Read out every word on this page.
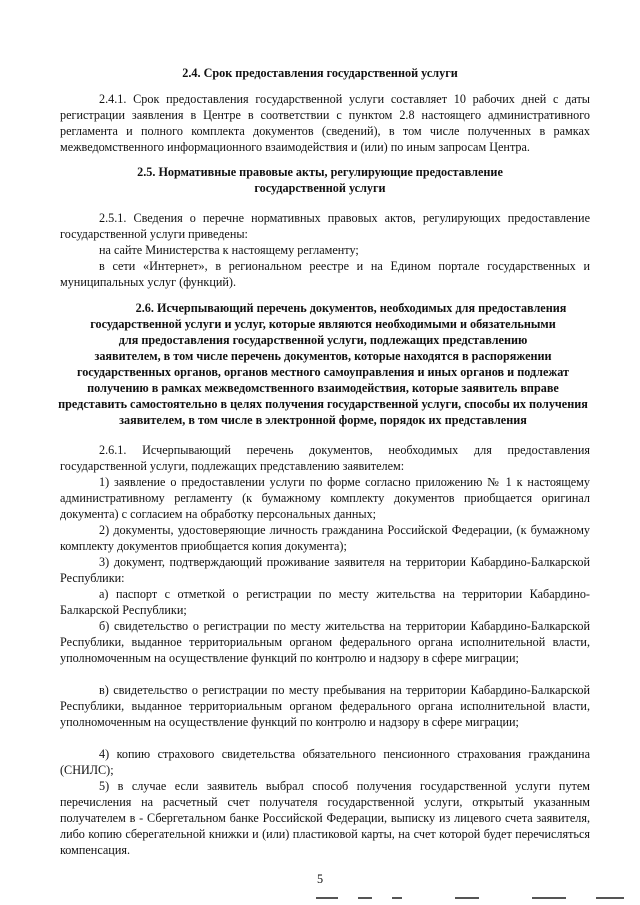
2.4. Срок предоставления государственной услуги

2.4.1. Срок предоставления государственной услуги составляет 10 рабочих дней с даты регистрации заявления в Центре в соответствии с пунктом 2.8 настоящего административного регламента и полного комплекта документов (сведений), в том числе полученных в рамках межведомственного информационного взаимодействия и (или) по иным запросам Центра.

2.5. Нормативные правовые акты, регулирующие предоставление
государственной услуги

2.5.1. Сведения о перечне нормативных правовых актов, регулирующих предоставление государственной услуги приведены:

на сайте Министерства к настоящему регламенту;

в сети «Интернет», в региональном реестре и на Едином портале государственных и муниципальных услуг (функций).

2.6. Исчерпывающий перечень документов, необходимых для предоставления
государственной услуги и услуг, которые являются необходимыми и обязательными
для предоставления государственной услуги, подлежащих представлению
заявителем, в том числе перечень документов, которые находятся в распоряжении
государственных органов, органов местного самоуправления и иных органов и подлежат
получению в рамках межведомственного взаимодействия, которые заявитель вправе
представить самостоятельно в целях получения государственной услуги, способы их получения
заявителем, в том числе в электронной форме, порядок их представления

2.6.1. Исчерпывающий перечень документов, необходимых для предоставления государственной услуги, подлежащих представлению заявителем:

1) заявление о предоставлении услуги по форме согласно приложению № 1 к настоящему административному регламенту (к бумажному комплекту документов приобщается оригинал документа) с согласием на обработку персональных данных;

2) документы, удостоверяющие личность гражданина Российской Федерации, (к бумажному комплекту документов приобщается копия документа);

3) документ, подтверждающий проживание заявителя на территории Кабардино-Балкарской Республики:

а) паспорт с отметкой о регистрации по месту жительства на территории Кабардино-Балкарской Республики;

б) свидетельство о регистрации по месту жительства на территории Кабардино-Балкарской Республики, выданное территориальным органом федерального органа исполнительной власти, уполномоченным на осуществление функций по контролю и надзору в сфере миграции;

в) свидетельство о регистрации по месту пребывания на территории Кабардино-Балкарской Республики, выданное территориальным органом федерального органа исполнительной власти, уполномоченным на осуществление функций по контролю и надзору в сфере миграции;

4) копию страхового свидетельства обязательного пенсионного страхования гражданина (СНИЛС);

5) в случае если заявитель выбрал способ получения государственной услуги путем перечисления на расчетный счет получателя государственной услуги, открытый указанным получателем в - Сбергетальном банке Российской Федерации, выписку из лицевого счета заявителя, либо копию сберегательной книжки и (или) пластиковой карты, на счет которой будет перечисляться компенсация.

5
